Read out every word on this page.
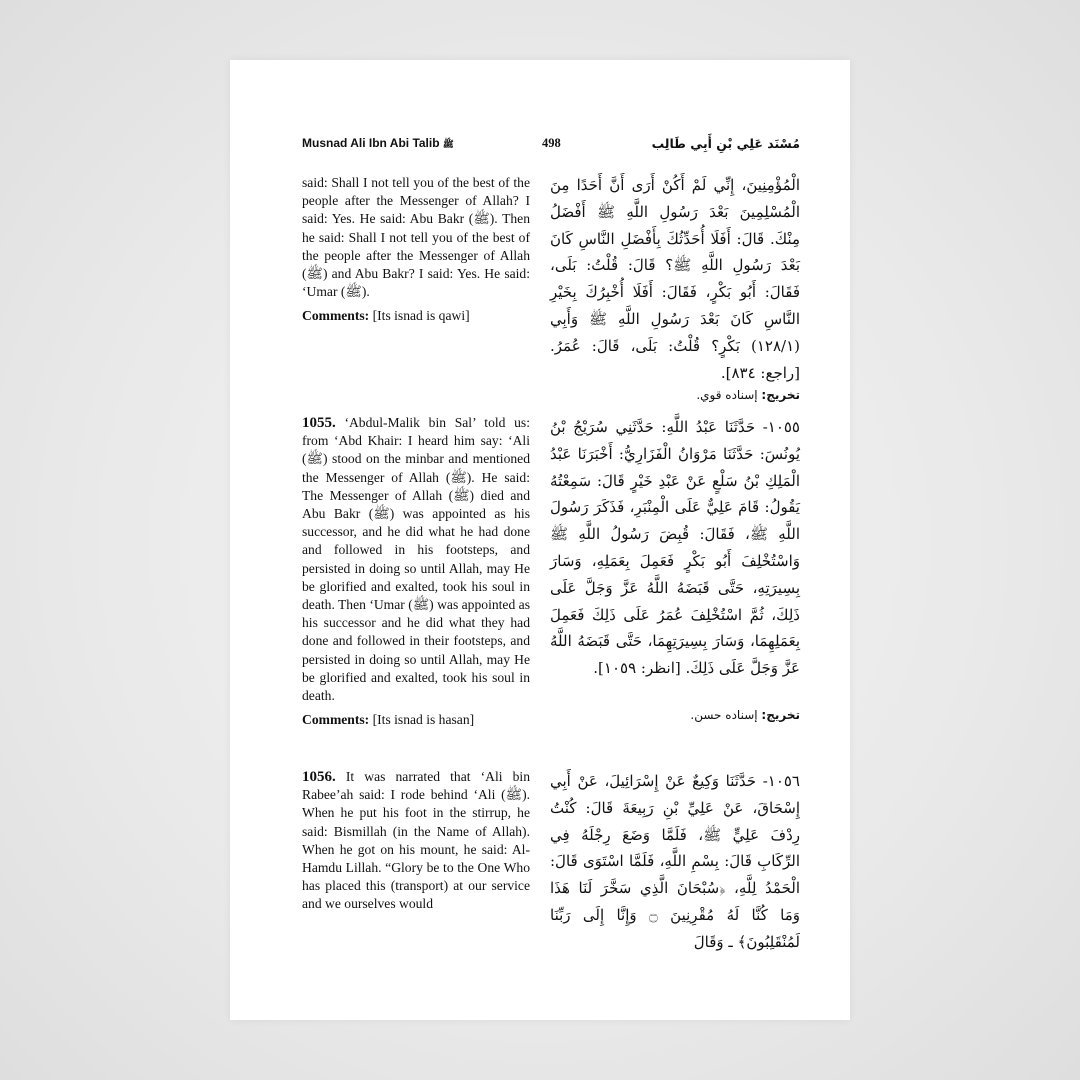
Musnad Ali Ibn Abi Talib ﷺ	498	مُسْنَد عَلِي بْنِ أَبِي طَالِب

said: Shall I not tell you of the best of the people after the Messenger of Allah? I said: Yes. He said: Abu Bakr (ﷺ). Then he said: Shall I not tell you of the best of the people after the Messenger of Allah (ﷺ) and Abu Bakr? I said: Yes. He said: ‘Umar (ﷺ).

Comments: [Its isnad is qawi]
الْمُؤْمِنِينَ، إِنِّي لَمْ أَكُنْ أَرَى أَنَّ أَحَدًا مِنَ الْمُسْلِمِينَ بَعْدَ رَسُولِ اللَّهِ ﷺ أَفْضَلُ مِنْكَ. قَالَ: أَفَلَا أُحَدِّثُكَ بِأَفْضَلِ النَّاسِ كَانَ بَعْدَ رَسُولِ اللَّهِ ﷺ؟ قَالَ: قُلْتُ: بَلَى، فَقَالَ: أَبُو بَكْرٍ، فَقَالَ: أَفَلَا أُخْبِرُكَ بِخَيْرِ النَّاسِ كَانَ بَعْدَ رَسُولِ اللَّهِ ﷺ وَأَبِي (١٢٨/١) بَكْرٍ؟ قُلْتُ: بَلَى، قَالَ: عُمَرُ. [راجع: ٨٣٤].
تخريج: إسناده قوي.

1055. ‘Abdul-Malik bin Sal’ told us: from ‘Abd Khair: I heard him say: ‘Ali (ﷺ) stood on the minbar and mentioned the Messenger of Allah (ﷺ). He said: The Messenger of Allah (ﷺ) died and Abu Bakr (ﷺ) was appointed as his successor, and he did what he had done and followed in his footsteps, and persisted in doing so until Allah, may He be glorified and exalted, took his soul in death. Then ‘Umar (ﷺ) was appointed as his successor and he did what they had done and followed in their footsteps, and persisted in doing so until Allah, may He be glorified and exalted, took his soul in death.

Comments: [Its isnad is hasan]
١٠٥٥- حَدَّثَنَا عَبْدُ اللَّهِ: حَدَّثَنِي سُرَيْجُ بْنُ يُونُسَ: حَدَّثَنَا مَرْوَانُ الْفَزَارِيُّ: أَخْبَرَنَا عَبْدُ الْمَلِكِ بْنُ سَلْعٍ عَنْ عَبْدِ خَيْرٍ قَالَ: سَمِعْتُهُ يَقُولُ: قَامَ عَلِيٌّ عَلَى الْمِنْبَرِ، فَذَكَرَ رَسُولَ اللَّهِ ﷺ، فَقَالَ: قُبِضَ رَسُولُ اللَّهِ ﷺ وَاسْتُخْلِفَ أَبُو بَكْرٍ فَعَمِلَ بِعَمَلِهِ، وَسَارَ بِسِيرَتِهِ، حَتَّى قَبَضَهُ اللَّهُ عَزَّ وَجَلَّ عَلَى ذَلِكَ، ثُمَّ اسْتُخْلِفَ عُمَرُ عَلَى ذَلِكَ فَعَمِلَ بِعَمَلِهِمَا، وَسَارَ بِسِيرَتِهِمَا، حَتَّى قَبَضَهُ اللَّهُ عَزَّ وَجَلَّ عَلَى ذَلِكَ. [انظر: ١٠٥٩].
تخريج: إسناده حسن.

1056. It was narrated that ‘Ali bin Rabee’ah said: I rode behind ‘Ali (ﷺ). When he put his foot in the stirrup, he said: Bismillah (in the Name of Allah). When he got on his mount, he said: Al-Hamdu Lillah. “Glory be to the One Who has placed this (transport) at our service and we ourselves would

١٠٥٦- حَدَّثَنَا وَكِيعٌ عَنْ إِسْرَائِيلَ، عَنْ أَبِي إِسْحَاقَ، عَنْ عَلِيِّ بْنِ رَبِيعَةَ قَالَ: كُنْتُ رِدْفَ عَلِيٍّ ﷺ، فَلَمَّا وَضَعَ رِجْلَهُ فِي الرِّكَابِ قَالَ: بِسْمِ اللَّهِ، فَلَمَّا اسْتَوَى قَالَ: الْحَمْدُ لِلَّهِ، ﴿سُبْحَانَ الَّذِي سَخَّرَ لَنَا هَذَا وَمَا كُنَّا لَهُ مُقْرِنِينَ ۝ وَإِنَّا إِلَى رَبِّنَا لَمُنْقَلِبُونَ﴾ ـ وَقَالَ
